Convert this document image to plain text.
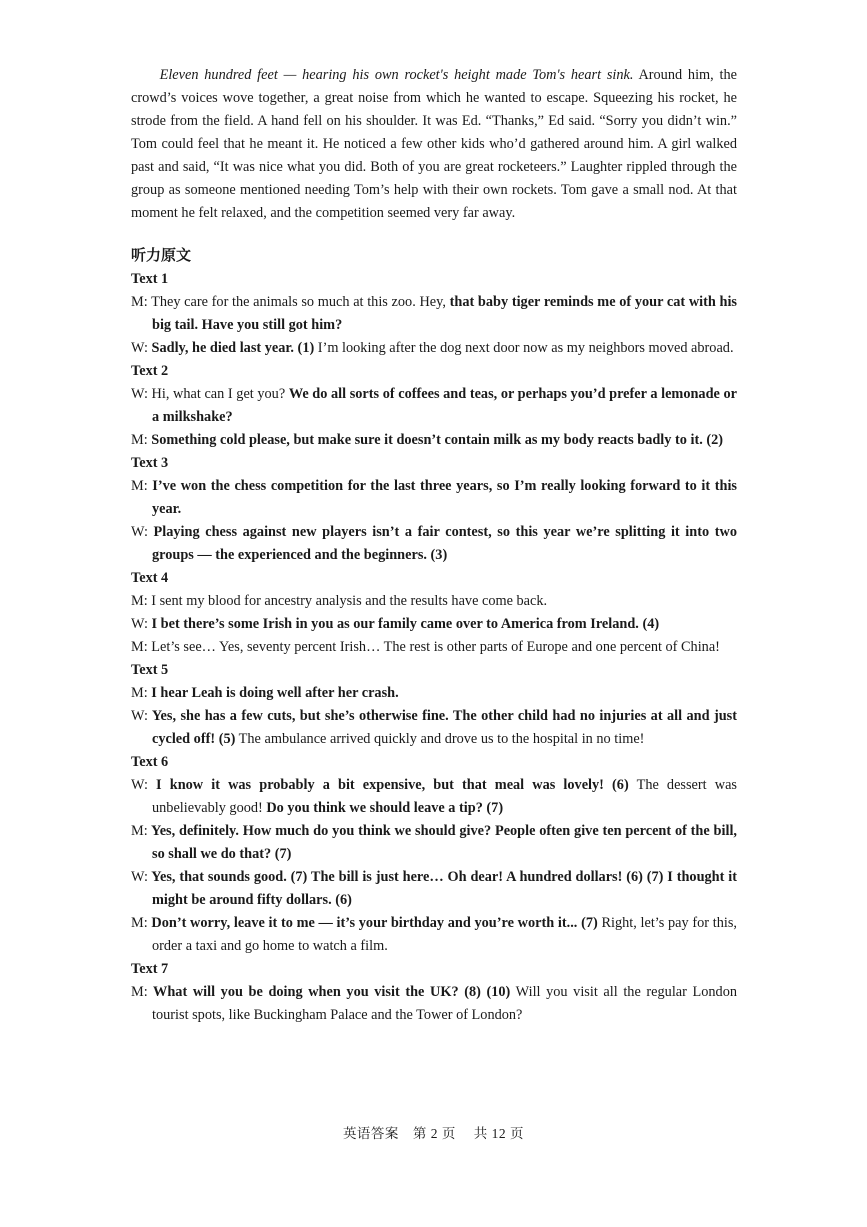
Eleven hundred feet — hearing his own rocket's height made Tom's heart sink. Around him, the crowd’s voices wove together, a great noise from which he wanted to escape. Squeezing his rocket, he strode from the field. A hand fell on his shoulder. It was Ed. “Thanks,” Ed said. “Sorry you didn’t win.” Tom could feel that he meant it. He noticed a few other kids who’d gathered around him. A girl walked past and said, “It was nice what you did. Both of you are great rocketeers.” Laughter rippled through the group as someone mentioned needing Tom’s help with their own rockets. Tom gave a small nod. At that moment he felt relaxed, and the competition seemed very far away.

听力原文
Text 1
M: They care for the animals so much at this zoo. Hey, that baby tiger reminds me of your cat with his big tail. Have you still got him?
W: Sadly, he died last year. (1) I’m looking after the dog next door now as my neighbors moved abroad.
Text 2
W: Hi, what can I get you? We do all sorts of coffees and teas, or perhaps you’d prefer a lemonade or a milkshake?
M: Something cold please, but make sure it doesn’t contain milk as my body reacts badly to it. (2)
Text 3
M: I’ve won the chess competition for the last three years, so I’m really looking forward to it this year.
W: Playing chess against new players isn’t a fair contest, so this year we’re splitting it into two groups — the experienced and the beginners. (3)
Text 4
M: I sent my blood for ancestry analysis and the results have come back.
W: I bet there’s some Irish in you as our family came over to America from Ireland. (4)
M: Let’s see… Yes, seventy percent Irish… The rest is other parts of Europe and one percent of China!
Text 5
M: I hear Leah is doing well after her crash.
W: Yes, she has a few cuts, but she’s otherwise fine. The other child had no injuries at all and just cycled off! (5) The ambulance arrived quickly and drove us to the hospital in no time!
Text 6
W: I know it was probably a bit expensive, but that meal was lovely! (6) The dessert was unbelievably good! Do you think we should leave a tip? (7)
M: Yes, definitely. How much do you think we should give? People often give ten percent of the bill, so shall we do that? (7)
W: Yes, that sounds good. (7) The bill is just here… Oh dear! A hundred dollars! (6) (7) I thought it might be around fifty dollars. (6)
M: Don’t worry, leave it to me — it’s your birthday and you’re worth it... (7) Right, let’s pay for this, order a taxi and go home to watch a film.
Text 7
M: What will you be doing when you visit the UK? (8) (10) Will you visit all the regular London tourist spots, like Buckingham Palace and the Tower of London?
英语答案　第 2 页　 共 12 页
